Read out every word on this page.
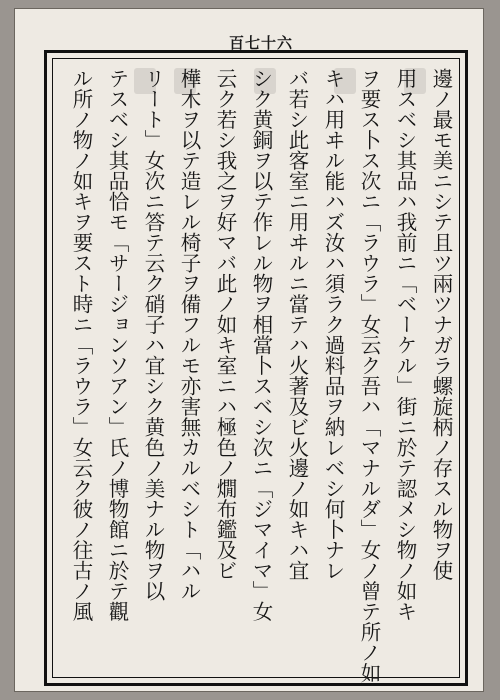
百七十六
邊ノ最モ美ニシテ且ツ兩ツナガラ螺旋柄ノ存スル物ヲ使
用スベシ其品ハ我前ニ「ベーケル」街ニ於テ認メシ物ノ如キ
ヲ要ス卜ス次ニ「ラウラ」女云ク吾ハ「マナルダ」女ノ曾テ所ノ如
キハ用ヰル能ハズ汝ハ須ラク過料品ヲ納レベシ何卜ナレ
バ若シ此客室ニ用ヰルニ當テハ火著及ビ火邊ノ如キハ宜
シク黄銅ヲ以テ作レル物ヲ相當卜スベシ次ニ「ジマイマ」女
云ク若シ我之ヲ好マバ此ノ如キ室ニハ極色ノ燗布鑑及ビ
樺木ヲ以テ造レル椅子ヲ備フルモ亦害無カルベシト「ハル
リート」女次ニ答テ云ク硝子ハ宜シク黄色ノ美ナル物ヲ以
テスベシ其品恰モ「サージョンソアン」氏ノ博物館ニ於テ觀
ル所ノ物ノ如キヲ要スト時ニ「ラウラ」女云ク彼ノ往古ノ風
